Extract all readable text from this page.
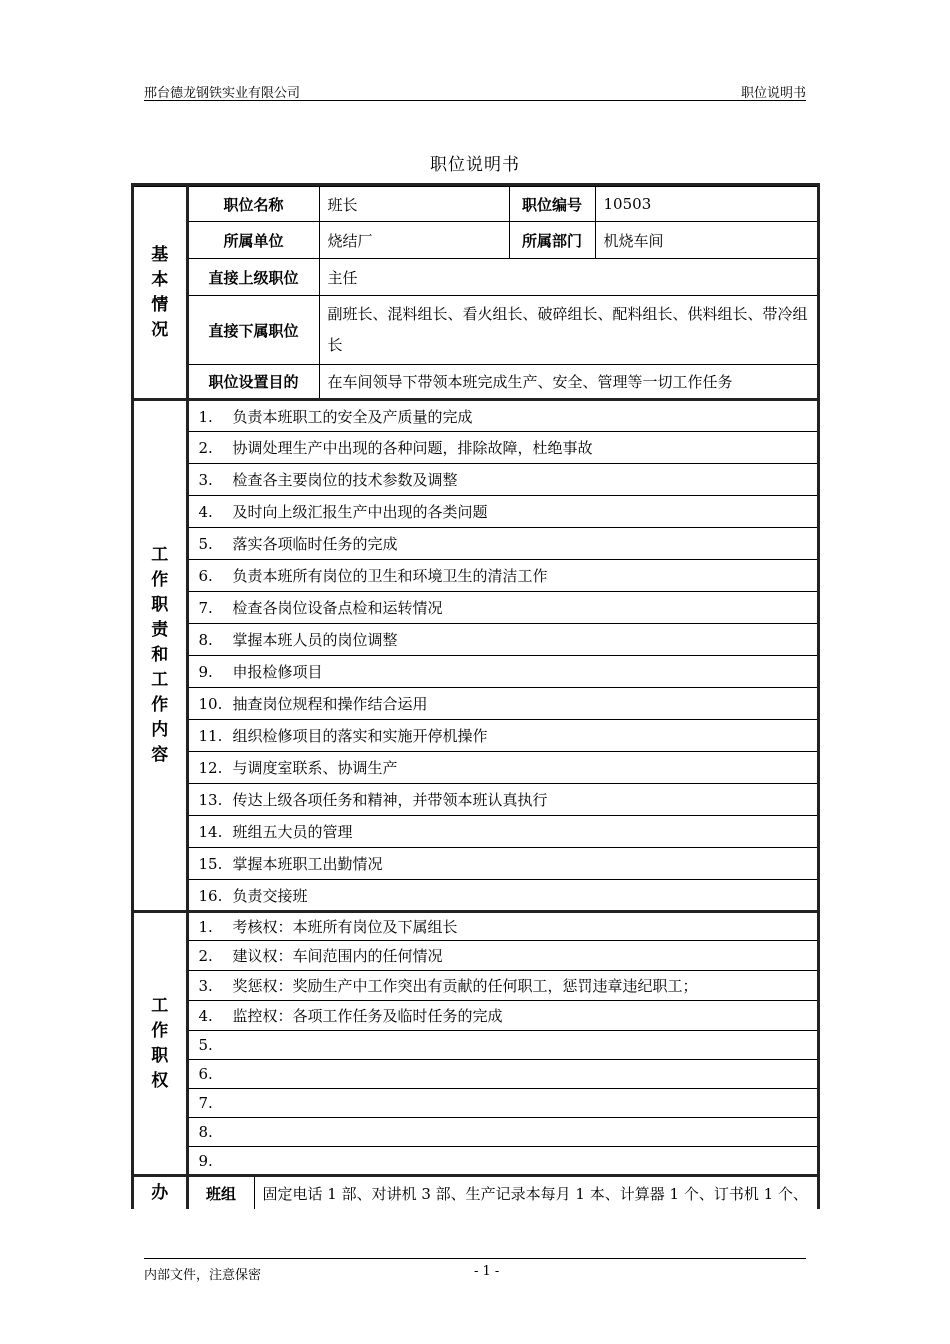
邢台德龙钢铁实业有限公司	职位说明书
职位说明书
基本情况	职位名称		班长	职位编号	10503
	所属单位		烧结厂	所属部门	机烧车间
	直接上级职位		主任		
	直接下属职位		副班长、混料组长、看火组长、破碎组长、配料组长、供料组长、带冷组长		
	职位设置目的		在车间领导下带领本班完成生产、安全、管理等一切工作任务		
工作职责和工作内容	1. 负责本班职工的安全及产质量的完成				
	2. 协调处理生产中出现的各种问题，排除故障，杜绝事故				
	3. 检查各主要岗位的技术参数及调整				
	4. 及时向上级汇报生产中出现的各类问题				
	5. 落实各项临时任务的完成				
	6. 负责本班所有岗位的卫生和环境卫生的清洁工作				
	7. 检查各岗位设备点检和运转情况				
	8. 掌握本班人员的岗位调整				
	9. 申报检修项目				
	10. 抽查岗位规程和操作结合运用				
	11. 组织检修项目的落实和实施开停机操作				
	12. 与调度室联系、协调生产				
	13. 传达上级各项任务和精神，并带领本班认真执行				
	14. 班组五大员的管理				
	15. 掌握本班职工出勤情况				
	16. 负责交接班				
工作职权	1. 考核权：本班所有岗位及下属组长				
	2. 建议权：车间范围内的任何情况				
	3. 奖惩权：奖励生产中工作突出有贡献的任何职工，惩罚违章违纪职工；				
	4. 监控权：各项工作任务及临时任务的完成				
	5.				
	6.				
	7.				
	8.				
	9.				
办	班组	固定电话 1 部、对讲机 3 部、生产记录本每月 1 本、计算器 1 个、订书机 1 个、			
内部文件，注意保密	- 1 -
